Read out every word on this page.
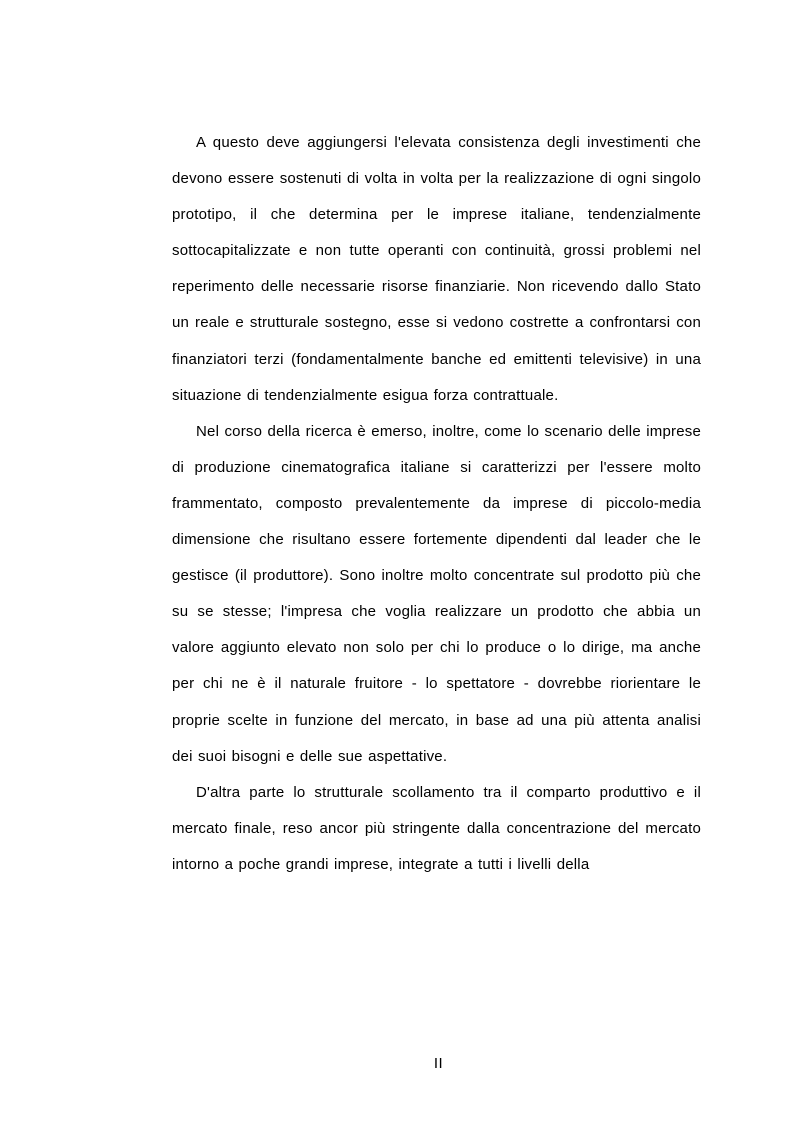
A questo deve aggiungersi l'elevata consistenza degli investimenti che devono essere sostenuti di volta in volta per la realizzazione di ogni singolo prototipo, il che determina per le imprese italiane, tendenzialmente sottocapitalizzate e non tutte operanti con continuità, grossi problemi nel reperimento delle necessarie risorse finanziarie. Non ricevendo dallo Stato un reale e strutturale sostegno, esse si vedono costrette a confrontarsi con finanziatori terzi (fondamentalmente banche ed emittenti televisive) in una situazione di tendenzialmente esigua forza contrattuale.

Nel corso della ricerca è emerso, inoltre, come lo scenario delle imprese di produzione cinematografica italiane si caratterizzi per l'essere molto frammentato, composto prevalentemente da imprese di piccolo-media dimensione che risultano essere fortemente dipendenti dal leader che le gestisce (il produttore). Sono inoltre molto concentrate sul prodotto più che su se stesse; l'impresa che voglia realizzare un prodotto che abbia un valore aggiunto elevato non solo per chi lo produce o lo dirige, ma anche per chi ne è il naturale fruitore - lo spettatore - dovrebbe riorientare le proprie scelte in funzione del mercato, in base ad una più attenta analisi dei suoi bisogni e delle sue aspettative.

D'altra parte lo strutturale scollamento tra il comparto produttivo e il mercato finale, reso ancor più stringente dalla concentrazione del mercato intorno a poche grandi imprese, integrate a tutti i livelli della

II
